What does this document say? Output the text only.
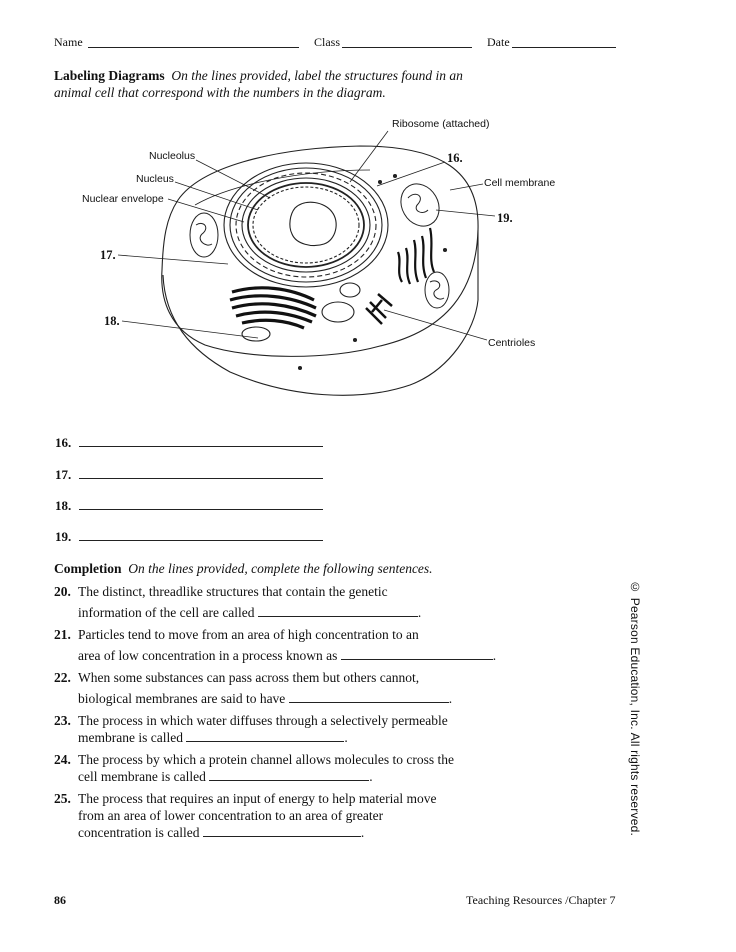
Name	Class	Date
Labeling Diagrams On the lines provided, label the structures found in an
animal cell that correspond with the numbers in the diagram.
Ribosome (attached)
Nucleolus
Nucleus
Nuclear envelope
Cell membrane
Centrioles
16.
19.
17.
18.
16.
17.
18.
19.
Completion On the lines provided, complete the following sentences.
20. The distinct, threadlike structures that contain the genetic
information of the cell are called	.
21. Particles tend to move from an area of high concentration to an
area of low concentration in a process known as	.
22. When some substances can pass across them but others cannot,
biological membranes are said to have	.
23. The process in which water diffuses through a selectively permeable
membrane is called	.
24. The process by which a protein channel allows molecules to cross the
cell membrane is called	.
25. The process that requires an input of energy to help material move
from an area of lower concentration to an area of greater
concentration is called	.	© Pearson Education, Inc. All rights reserved.
86	Teaching Resources /Chapter 7
